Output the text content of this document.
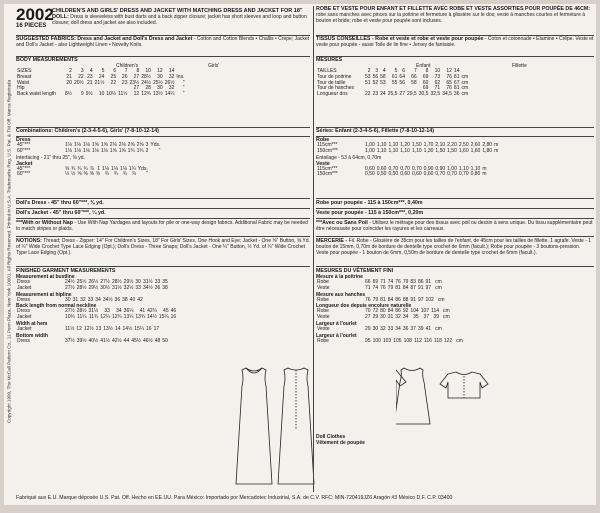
Copyright 1999, The McCall Pattern Co., 11 Penn Plaza, New York 10001. All Rights Reserved. Printed in U.S.A. Trademarks Reg. U.S. Pat. & TM Off. Marca Registrada
2002
16 PIECES
CHILDREN'S AND GIRLS' DRESS AND JACKET WITH MATCHING DRESS AND JACKET FOR 18" DOLL: Dress is sleeveless with bust darts and a back zipper closure; jacket has short sleeves and loop and button closure; doll dress and jacket are also included.
SUGGESTED FABRICS: Dress and Jacket and Doll's Dress and Jacket - Cotton and Cotton Blends • Challis • Crepe; Jacket and Doll's Jacket - also Lightweight Linen • Novelty Knits.
BODY MEASUREMENTS
Children's	Girls'
SIZES	2	3	4	5	6	7	8	10	12	14	
Breast	21	22	23	24	25	26	27	28½	30	32	Ins.
Waist	20	20½	21	21½	22	23	23½	24½	25½	26½	"
Hip							27	28	30	32	"
Back waist length	8½	9	9½	10	10½	11½	12	12¾	13½	14¼	"
Combinations: Children's (2-3-4-5-6), Girls' (7-8-10-12-14)
Dress
45"***	1⅛	1⅛	1⅛	1⅝	1⅝	2⅛	2⅛	2⅝	2⅝	3	Yds.
60"***	1⅛	1⅛	1⅛	1⅛	1⅛	1⅝	1⅝	1¾	1¾	2	"
Interfacing - 21" thru 25", ⅜ yd.
Jacket
45"***	⅝	¾	¾	¾	⅞	1	1⅛	1⅛	1⅛	1¼	Yds.
60"***	½	½	⅝	⅝	⅝	⅝	¾	¾	¾	⅞	"
Doll's Dress - 45" thru 60"***, ⅜ yd.
Doll's Jacket - 45" thru 60"***, ¼ yd.
***With or Without Nap - Use With Nap Yardages and layouts for pile or one-way design fabrics. Additional Fabric may be needed to match stripes or plaids.
NOTIONS: Thread; Dress - Zipper: 14" For Children's Sizes, 18" For Girls' Sizes, One Hook and Eye; Jacket - One ⅝" Button, ⅝ Yd. of ¼" Wide Crochet Type Lace Edging (Opt.); Doll's Dress - Three Snaps; Doll's Jacket - One ¼" Button, ½ Yd. of ¼" Wide Crochet Type Lace Edging (Opt.).
FINISHED GARMENT MEASUREMENTS
Measurement at bustline
Dress	24½	25½	26½	27½	28½	29½	30	31½	33	35	
Jacket	27½	28½	29½	30½	31½	32½	33	34½	36	38	
Measurement at hipline
Dress	30	31	32	33	34	34½	36	38	40	42	
Back length from normal neckline
Dress	27½	28½	31½	33	34	36¼	41	42¼	45	46	
Jacket	10¾	11¼	11¾	12¼	12¾	13¼	13¾	14½	15¼	16	
Width at hem
Jacket	11½	12	12½	13	13½	14	14½	15¼	16	17	
Bottom width
Dress	37½	39½	40½	41½	42½	44	45½	46½	48	50	
ROBE ET VESTE POUR ENFANT ET FILLETTE AVEC ROBE ET VESTE ASSORTIES POUR POUPÉE DE 46CM: robe sans manches avec pinces sur la poitrine et fermeture à glissière sur le dos; veste à manches courtes et fermeture à bouton et bride; robe et veste pour poupée sont incluses.
TISSUS CONSEILLÉS - Robe et veste et robe et veste pour poupée - Coton et cotonnade • Étamine • Crêpe. Veste et veste pour poupée - aussi Toile de lin fine • Jersey de fantaisie.
MESURES
Enfant	Fillette
TAILLES	2	3	4	5	6	7	8	10	12	14	
Tour de poitrine	53	56	58	61	64	66	69	73	76	81	cm
Tour de taille	51	52	53	55	56	58	60	62	65	67	cm
Tour de hanches							69	71	76	81	cm
Longueur dos	22	23	24	25,5	27	29,5	30,5	32,5	34,5	36	cm
Séries: Enfant (2-3-4-5-6), Fillette (7-8-10-12-14)
Robe
115cm***	1,00	1,10	1,10	1,20	1,50	1,70	2,10	2,20	2,50	2,60	2,80	m
150cm***	1,00	1,10	1,10	1,10	1,10	1,30	1,50	1,50	1,60	1,60	1,80	m
Entoilage - 53 à 64cm, 0,70m
Veste
115cm***	0,60	0,60	0,70	0,70	0,70	0,90	0,90	1,00	1,10	1,10	m
150cm***	0,50	0,50	0,50	0,60	0,60	0,60	0,70	0,70	0,70	0,80	m
Robe pour poupée - 115 à 150cm***, 0,40m
Veste pour poupée - 115 à 150cm***, 0,20m
***Avec ou Sans Poil - Utilisez le métrage pour des tissus avec poil ou dessin à sens unique. Du tissu supplémentaire peut être nécessaire pour coïncider les rayures et les carreaux.
MERCERIE - Fil. Robe - Glissière de 35cm pour les tailles de l'enfant, de 45cm pour les tailles de fillette, 1 agrafe. Veste - 1 bouton de 15mm, 0,70m de bordure de dentelle type crochet de 6mm (facult.); Robe pour poupée - 3 boutons-pression. Veste pour poupée - 1 bouton de 6mm, 0,50m de bordure de dentelle type crochet de 6mm (facult.).
MESURES DU VÊTEMENT FINI
Mesure à la poitrine
Robe	66	69	71	74	76	79	83	86	91		cm
Veste	71	74	76	79	81	84	87	91	97		cm
Mesure aux hanches
Robe	76	79	81	84	86	88	91	97	102		cm
Longueur dos depuis encolure naturelle
Robe	70	72	80	84	86	92	104	107	114		cm
Veste	27	29	30	31	32	34	35	37	39		cm
Largeur à l'ourlet
Veste	29	30	32	33	34	36	37	39	41		cm
Largeur à l'ourlet
Robe	95	100	103	105	108	112	116	118	122		cm
Doll Clothes
Vêtement de poupée
Fabriqué aux E.U. Marque déposée U.S. Pat. Off. Hecho en EE.UU. Para México: Importado por Mercadotec Industrial, S.A. de C.V. RFC: MIN-720419JZ6 Aragón #3 México D.F. C.P. 03400
